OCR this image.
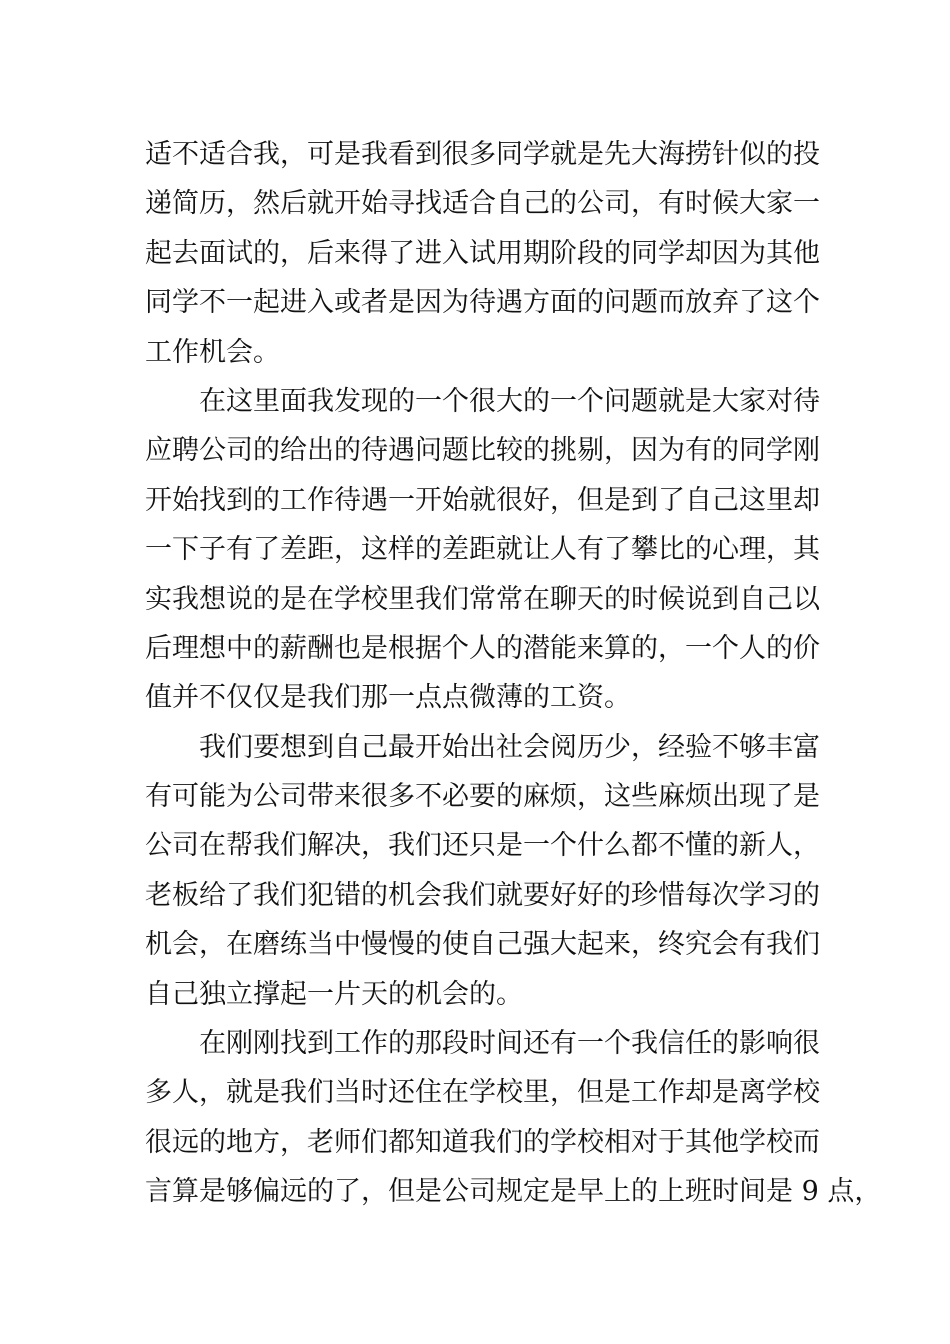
适不适合我，可是我看到很多同学就是先大海捞针似的投
递简历，然后就开始寻找适合自己的公司，有时候大家一
起去面试的，后来得了进入试用期阶段的同学却因为其他
同学不一起进入或者是因为待遇方面的问题而放弃了这个
工作机会。
在这里面我发现的一个很大的一个问题就是大家对待
应聘公司的给出的待遇问题比较的挑剔，因为有的同学刚
开始找到的工作待遇一开始就很好，但是到了自己这里却
一下子有了差距，这样的差距就让人有了攀比的心理，其
实我想说的是在学校里我们常常在聊天的时候说到自己以
后理想中的薪酬也是根据个人的潜能来算的，一个人的价
值并不仅仅是我们那一点点微薄的工资。
我们要想到自己最开始出社会阅历少，经验不够丰富
有可能为公司带来很多不必要的麻烦，这些麻烦出现了是
公司在帮我们解决，我们还只是一个什么都不懂的新人，
老板给了我们犯错的机会我们就要好好的珍惜每次学习的
机会，在磨练当中慢慢的使自己强大起来，终究会有我们
自己独立撑起一片天的机会的。
在刚刚找到工作的那段时间还有一个我信任的影响很
多人，就是我们当时还住在学校里，但是工作却是离学校
很远的地方，老师们都知道我们的学校相对于其他学校而
言算是够偏远的了，但是公司规定是早上的上班时间是 9 点，
